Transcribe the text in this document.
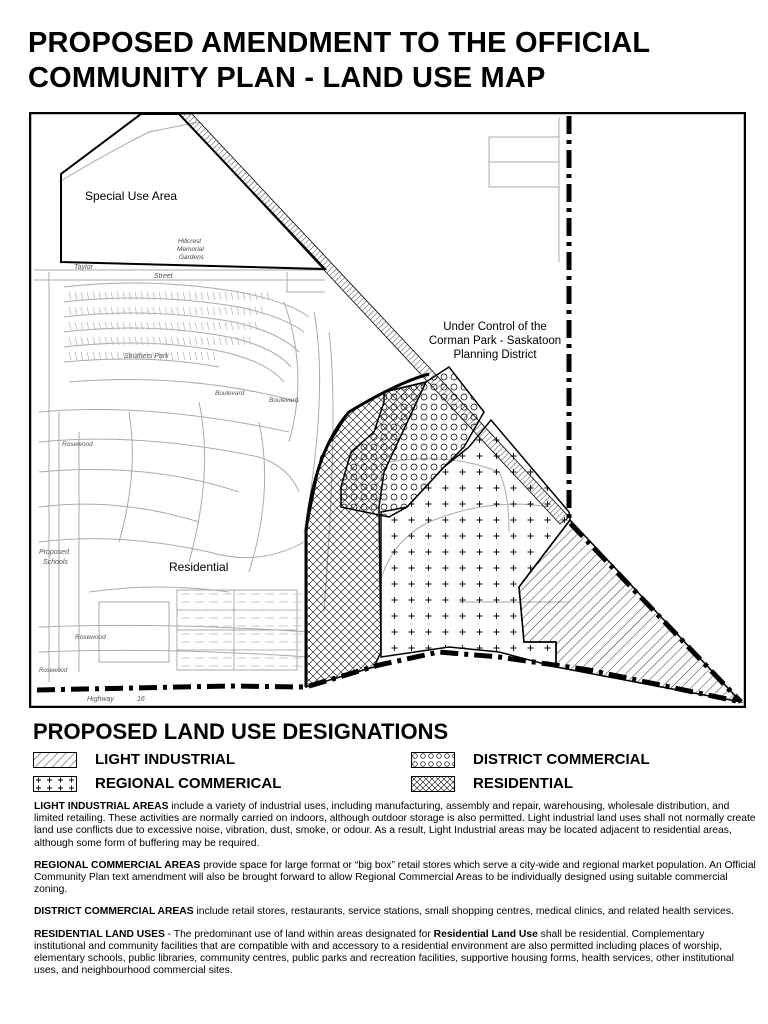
PROPOSED AMENDMENT TO THE OFFICIAL
COMMUNITY PLAN - LAND USE MAP
Special Use Area
Hillcrest
Memorial
Gardens
Taylor
Street
Under Control of the
Corman Park - Saskatoon
Planning District
Struthers Park
Boulevard
Boulevard
Rosewood
Proposed
Schools	Residential
Rosewood
Rosewood
Highway	16
PROPOSED LAND USE DESIGNATIONS
LIGHT INDUSTRIAL	DISTRICT COMMERCIAL
REGIONAL COMMERICAL	RESIDENTIAL

LIGHT INDUSTRIAL AREAS include a variety of industrial uses, including manufacturing, assembly and repair, warehousing, wholesale distribution, and limited retailing. These activities are normally carried on indoors, although outdoor storage is also permitted. Light industrial land uses shall not normally create land use conflicts due to excessive noise, vibration, dust, smoke, or odour. As a result, Light Industrial areas may be located adjacent to residential areas, although some form of buffering may be required.

REGIONAL COMMERCIAL AREAS provide space for large format or “big box” retail stores which serve a city-wide and regional market population. An Official Community Plan text amendment will also be brought forward to allow Regional Commercial Areas to be individually designed using suitable commercial zoning.

DISTRICT COMMERCIAL AREAS include retail stores, restaurants, service stations, small shopping centres, medical clinics, and related health services.

RESIDENTIAL LAND USES - The predominant use of land within areas designated for Residential Land Use shall be residential. Complementary institutional and community facilities that are compatible with and accessory to a residential environment are also permitted including places of worship, elementary schools, public libraries, community centres, public parks and recreation facilities, supportive housing forms, health services, other institutional uses, and neighbourhood commercial sites.
